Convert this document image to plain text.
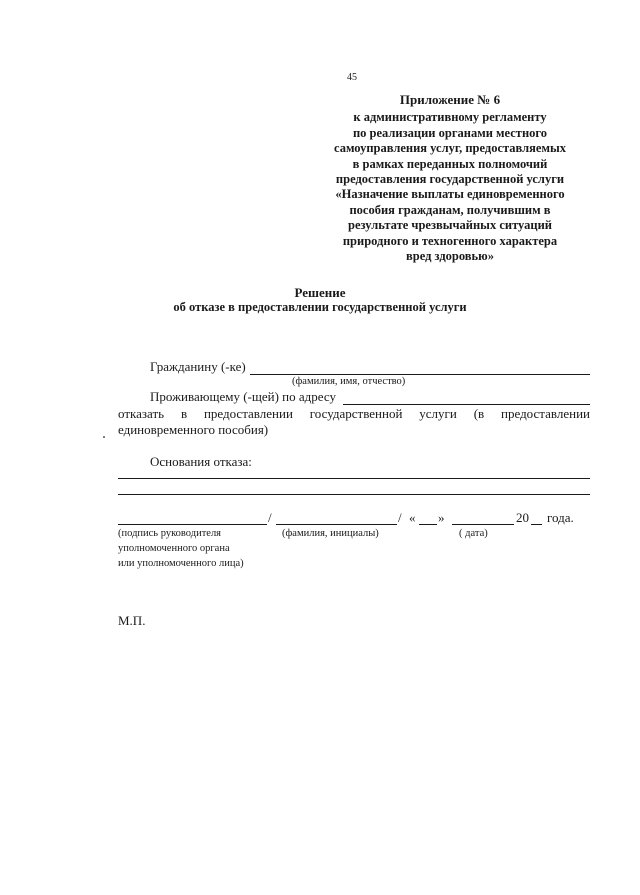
45
Приложение № 6
к административному регламенту
по реализации органами местного
самоуправления услуг, предоставляемых
в рамках переданных полномочий
предоставления государственной услуги
«Назначение выплаты единовременного
пособия гражданам, получившим в
результате чрезвычайных ситуаций
природного и техногенного характера
вред здоровью»
Решение
об отказе в предоставлении государственной услуги
Гражданину (-ке)
(фамилия, имя, отчество)
Проживающему (-щей) по адресу
отказать в предоставлении государственной услуги (в предоставлении
единовременного пособия)
Основания отказа:
/	/ « »	20 года.
(подпись руководителя
уполномоченного органа
или уполномоченного лица)
(фамилия, инициалы)	( дата)
М.П.
